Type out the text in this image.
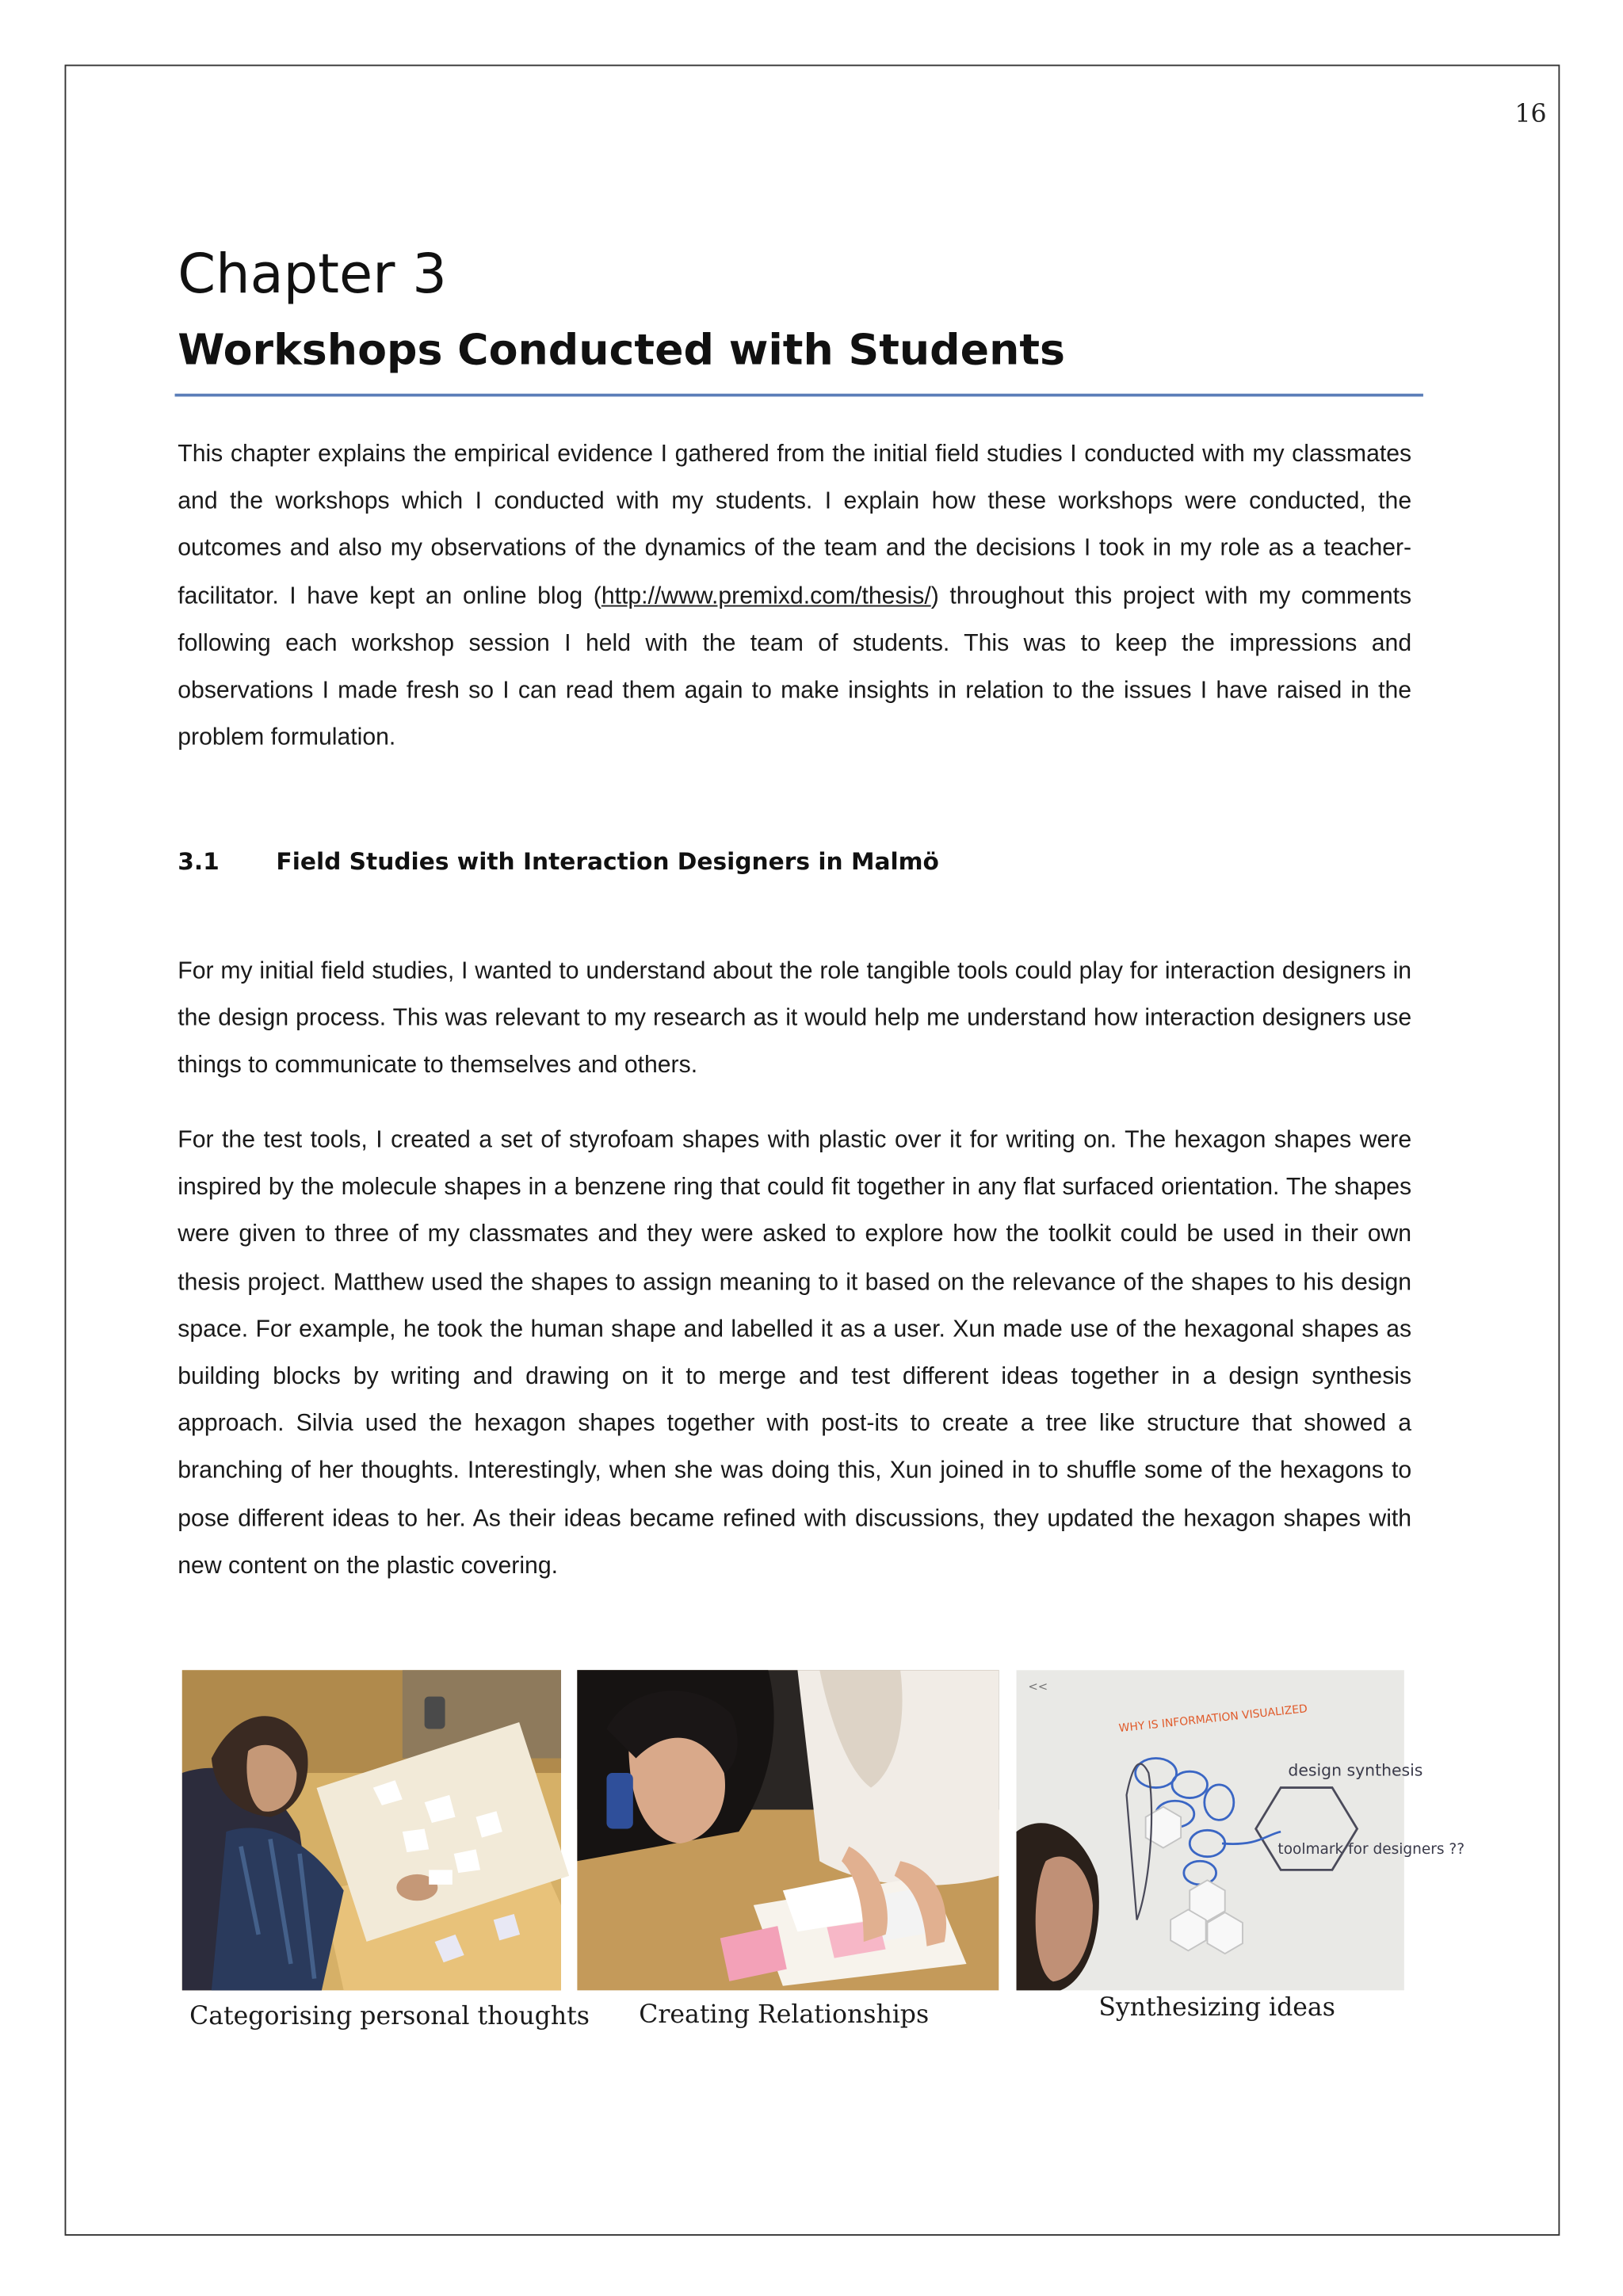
16
Chapter 3
Workshops Conducted with Students
This chapter explains the empirical evidence I gathered from the initial field studies I conducted with my classmates and the workshops which I conducted with my students. I explain how these workshops were conducted, the outcomes and also my observations of the dynamics of the team and the decisions I took in my role as a teacher-facilitator. I have kept an online blog (http://www.premixd.com/thesis/) throughout this project with my comments following each workshop session I held with the team of students. This was to keep the impressions and observations I made fresh so I can read them again to make insights in relation to the issues I have raised in the problem formulation.
3.1	Field Studies with Interaction Designers in Malmö
For my initial field studies, I wanted to understand about the role tangible tools could play for interaction designers in the design process. This was relevant to my research as it would help me understand how interaction designers use things to communicate to themselves and others.
For the test tools, I created a set of styrofoam shapes with plastic over it for writing on. The hexagon shapes were inspired by the molecule shapes in a benzene ring that could fit together in any flat surfaced orientation. The shapes were given to three of my classmates and they were asked to explore how the toolkit could be used in their own thesis project. Matthew used the shapes to assign meaning to it based on the relevance of the shapes to his design space. For example, he took the human shape and labelled it as a user. Xun made use of the hexagonal shapes as building blocks by writing and drawing on it to merge and test different ideas together in a design synthesis approach. Silvia used the hexagon shapes together with post-its to create a tree like structure that showed a branching of her thoughts. Interestingly, when she was doing this, Xun joined in to shuffle some of the hexagons to pose different ideas to her. As their ideas became refined with discussions, they updated the hexagon shapes with new content on the plastic covering.
WHY IS INFORMATION VISUALIZED
design synthesis
toolmark for designers ??
<<
Categorising personal thoughts	Creating Relationships	Synthesizing ideas
